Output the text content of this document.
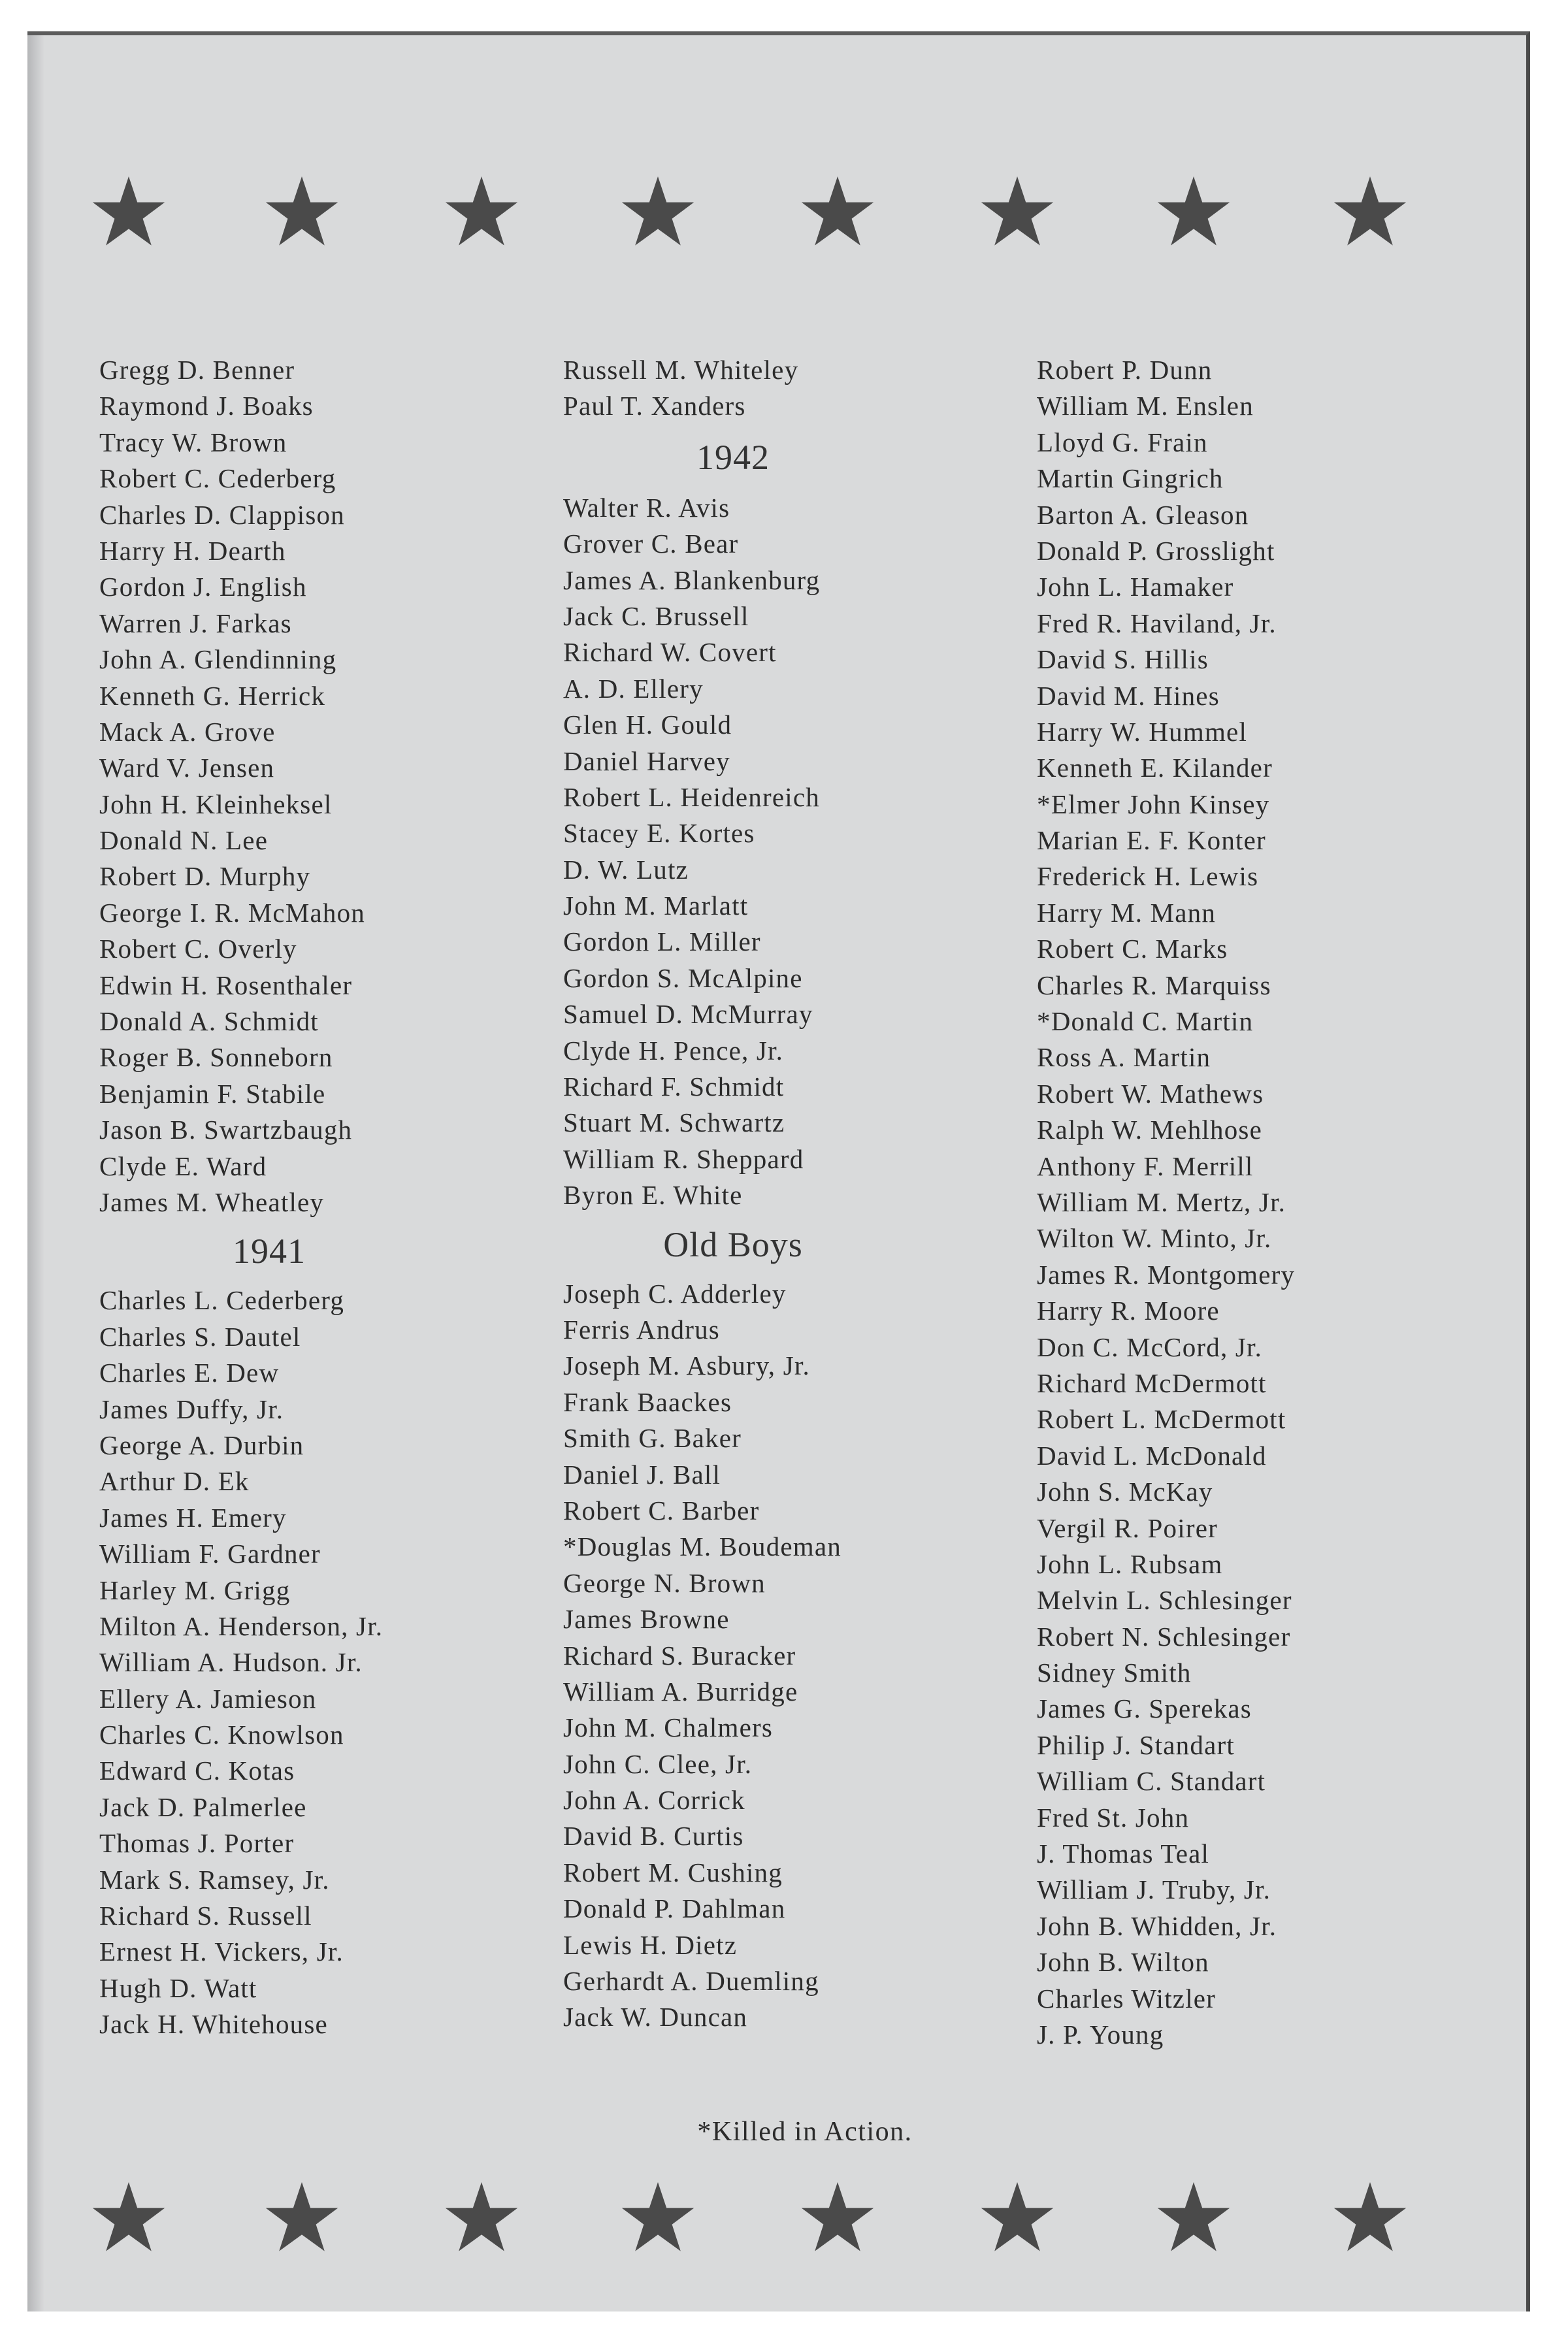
Gregg D. Benner
Raymond J. Boaks
Tracy W. Brown
Robert C. Cederberg
Charles D. Clappison
Harry H. Dearth
Gordon J. English
Warren J. Farkas
John A. Glendinning
Kenneth G. Herrick
Mack A. Grove
Ward V. Jensen
John H. Kleinheksel
Donald N. Lee
Robert D. Murphy
George I. R. McMahon
Robert C. Overly
Edwin H. Rosenthaler
Donald A. Schmidt
Roger B. Sonneborn
Benjamin F. Stabile
Jason B. Swartzbaugh
Clyde E. Ward
James M. Wheatley
1941
Charles L. Cederberg
Charles S. Dautel
Charles E. Dew
James Duffy, Jr.
George A. Durbin
Arthur D. Ek
James H. Emery
William F. Gardner
Harley M. Grigg
Milton A. Henderson, Jr.
William A. Hudson. Jr.
Ellery A. Jamieson
Charles C. Knowlson
Edward C. Kotas
Jack D. Palmerlee
Thomas J. Porter
Mark S. Ramsey, Jr.
Richard S. Russell
Ernest H. Vickers, Jr.
Hugh D. Watt
Jack H. Whitehouse
Russell M. Whiteley
Paul T. Xanders
1942
Walter R. Avis
Grover C. Bear
James A. Blankenburg
Jack C. Brussell
Richard W. Covert
A. D. Ellery
Glen H. Gould
Daniel Harvey
Robert L. Heidenreich
Stacey E. Kortes
D. W. Lutz
John M. Marlatt
Gordon L. Miller
Gordon S. McAlpine
Samuel D. McMurray
Clyde H. Pence, Jr.
Richard F. Schmidt
Stuart M. Schwartz
William R. Sheppard
Byron E. White
Old Boys
Joseph C. Adderley
Ferris Andrus
Joseph M. Asbury, Jr.
Frank Baackes
Smith G. Baker
Daniel J. Ball
Robert C. Barber
*Douglas M. Boudeman
George N. Brown
James Browne
Richard S. Buracker
William A. Burridge
John M. Chalmers
John C. Clee, Jr.
John A. Corrick
David B. Curtis
Robert M. Cushing
Donald P. Dahlman
Lewis H. Dietz
Gerhardt A. Duemling
Jack W. Duncan
Robert P. Dunn
William M. Enslen
Lloyd G. Frain
Martin Gingrich
Barton A. Gleason
Donald P. Grosslight
John L. Hamaker
Fred R. Haviland, Jr.
David S. Hillis
David M. Hines
Harry W. Hummel
Kenneth E. Kilander
*Elmer John Kinsey
Marian E. F. Konter
Frederick H. Lewis
Harry M. Mann
Robert C. Marks
Charles R. Marquiss
*Donald C. Martin
Ross A. Martin
Robert W. Mathews
Ralph W. Mehlhose
Anthony F. Merrill
William M. Mertz, Jr.
Wilton W. Minto, Jr.
James R. Montgomery
Harry R. Moore
Don C. McCord, Jr.
Richard McDermott
Robert L. McDermott
David L. McDonald
John S. McKay
Vergil R. Poirer
John L. Rubsam
Melvin L. Schlesinger
Robert N. Schlesinger
Sidney Smith
James G. Sperekas
Philip J. Standart
William C. Standart
Fred St. John
J. Thomas Teal
William J. Truby, Jr.
John B. Whidden, Jr.
John B. Wilton
Charles Witzler
J. P. Young
*Killed in Action.
